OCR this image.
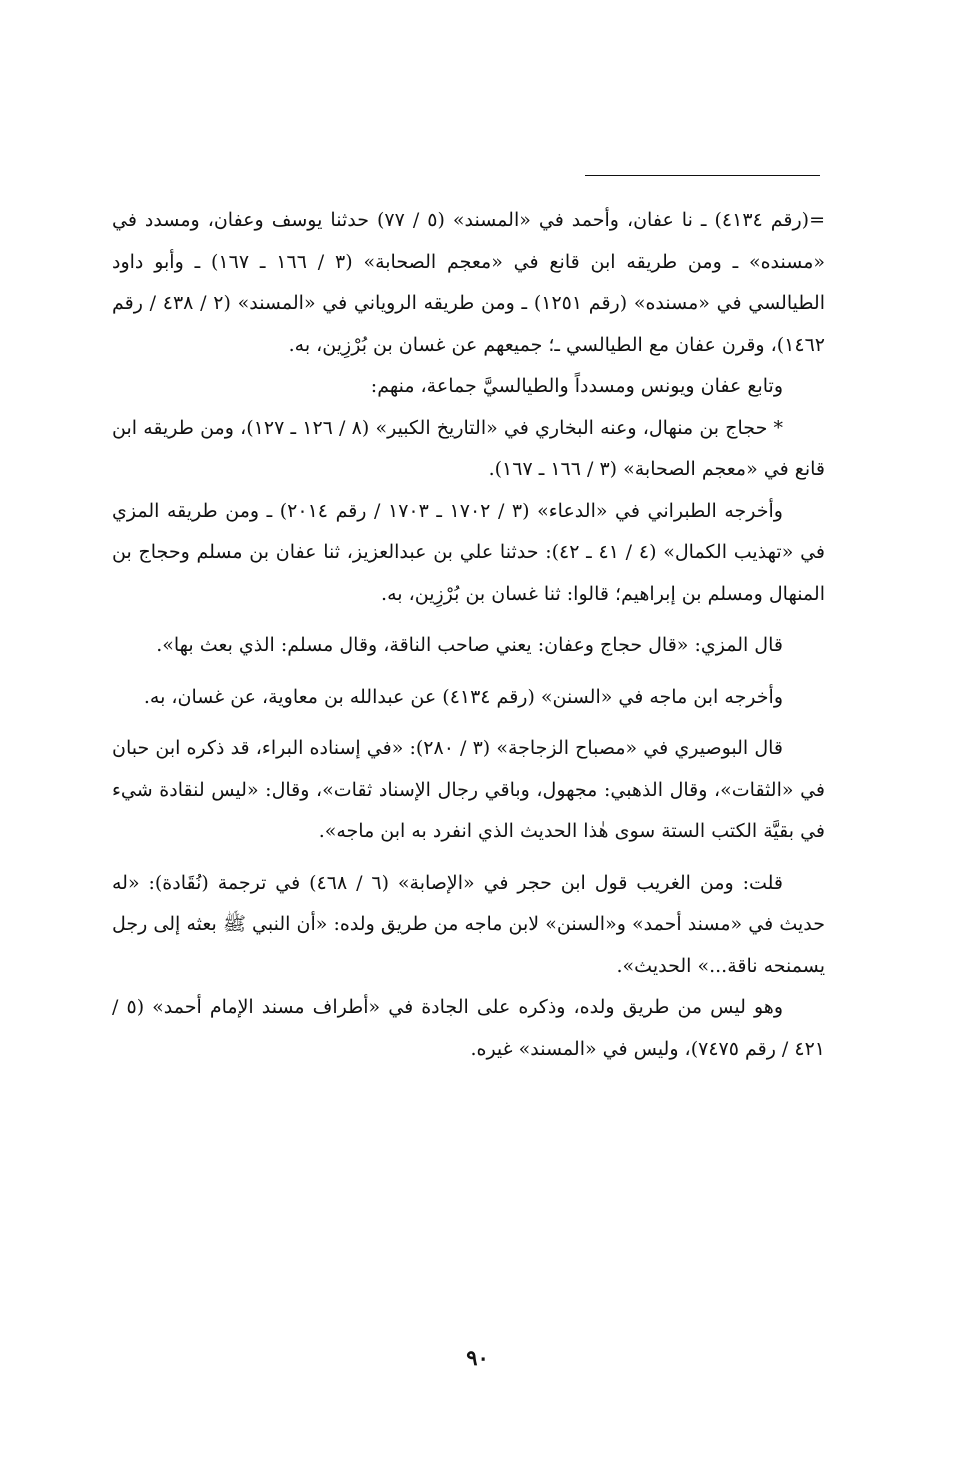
=(رقم ٤١٣٤) ـ نا عفان، وأحمد في «المسند» (٥ / ٧٧) حدثنا يوسف وعفان، ومسدد في «مسنده» ـ ومن طريقه ابن قانع في «معجم الصحابة» (٣ / ١٦٦ ـ ١٦٧) ـ وأبو داود الطيالسي في «مسنده» (رقم ١٢٥١) ـ ومن طريقه الروياني في «المسند» (٢ / ٤٣٨ / رقم ١٤٦٢)، وقرن عفان مع الطيالسي ـ؛ جميعهم عن غسان بن بُرْزِين، به.

وتابع عفان ويونس ومسدداً والطيالسيَّ جماعة، منهم:

* حجاج بن منهال، وعنه البخاري في «التاريخ الكبير» (٨ / ١٢٦ ـ ١٢٧)، ومن طريقه ابن قانع في «معجم الصحابة» (٣ / ١٦٦ ـ ١٦٧).

وأخرجه الطبراني في «الدعاء» (٣ / ١٧٠٢ ـ ١٧٠٣ / رقم ٢٠١٤) ـ ومن طريقه المزي في «تهذيب الكمال» (٤ / ٤١ ـ ٤٢): حدثنا علي بن عبدالعزيز، ثنا عفان بن مسلم وحجاج بن المنهال ومسلم بن إبراهيم؛ قالوا: ثنا غسان بن بُرْزِين، به.

قال المزي: «قال حجاج وعفان: يعني صاحب الناقة، وقال مسلم: الذي بعث بها».

وأخرجه ابن ماجه في «السنن» (رقم ٤١٣٤) عن عبدالله بن معاوية، عن غسان، به.

قال البوصيري في «مصباح الزجاجة» (٣ / ٢٨٠): «في إسناده البراء، قد ذكره ابن حبان في «الثقات»، وقال الذهبي: مجهول، وباقي رجال الإسناد ثقات»، وقال: «ليس لنقادة شيء في بقيَّة الكتب الستة سوى هٰذا الحديث الذي انفرد به ابن ماجه».

قلت: ومن الغريب قول ابن حجر في «الإصابة» (٦ / ٤٦٨) في ترجمة (نُقَادة): «له حديث في «مسند أحمد» و«السنن» لابن ماجه من طريق ولده: «أن النبي ﷺ بعثه إلى رجل يسمنحه ناقة...» الحديث».

وهو ليس من طريق ولده، وذكره على الجادة في «أطراف مسند الإمام أحمد» (٥ / ٤٢١ / رقم ٧٤٧٥)، وليس في «المسند» غيره.

٩٠
